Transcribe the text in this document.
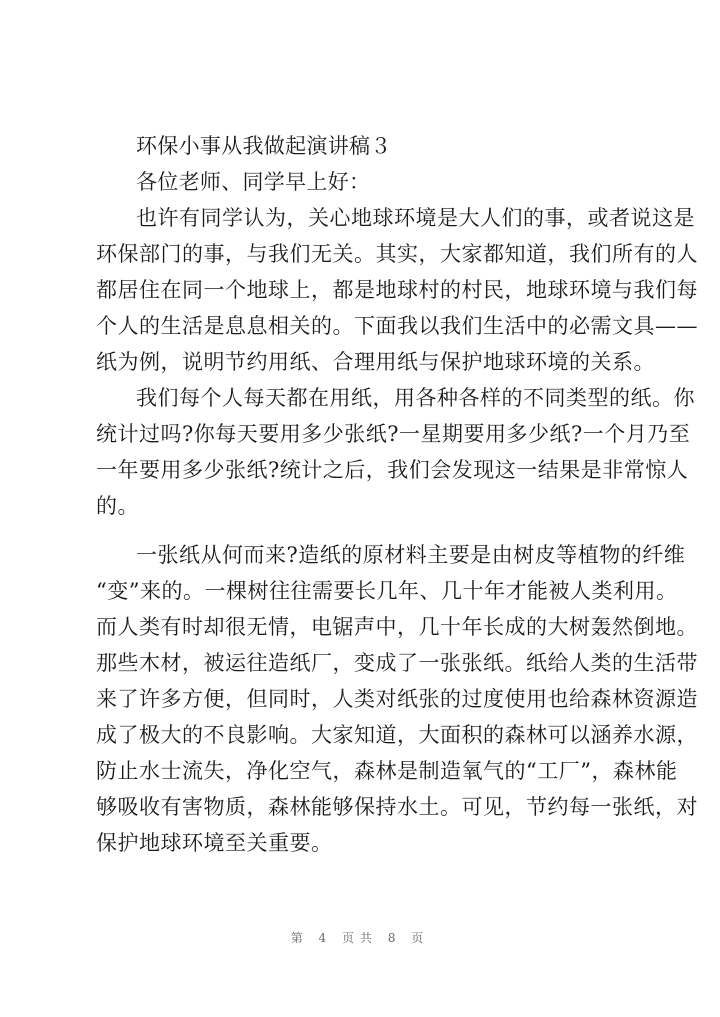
环保小事从我做起演讲稿３
各位老师、同学早上好：
也许有同学认为，关心地球环境是大人们的事，或者说这是
环保部门的事，与我们无关。其实，大家都知道，我们所有的人
都居住在同一个地球上，都是地球村的村民，地球环境与我们每
个人的生活是息息相关的。下面我以我们生活中的必需文具——
纸为例，说明节约用纸、合理用纸与保护地球环境的关系。
我们每个人每天都在用纸，用各种各样的不同类型的纸。你
统计过吗?你每天要用多少张纸?一星期要用多少纸?一个月乃至
一年要用多少张纸?统计之后，我们会发现这一结果是非常惊人
的。
一张纸从何而来?造纸的原材料主要是由树皮等植物的纤维
“变”来的。一棵树往往需要长几年、几十年才能被人类利用。
而人类有时却很无情，电锯声中，几十年长成的大树轰然倒地。
那些木材，被运往造纸厂，变成了一张张纸。纸给人类的生活带
来了许多方便，但同时，人类对纸张的过度使用也给森林资源造
成了极大的不良影响。大家知道，大面积的森林可以涵养水源，
防止水士流失，净化空气，森林是制造氧气的“工厂”，森林能
够吸收有害物质，森林能够保持水土。可见，节约每一张纸，对
保护地球环境至关重要。
第 4 页共 8 页
